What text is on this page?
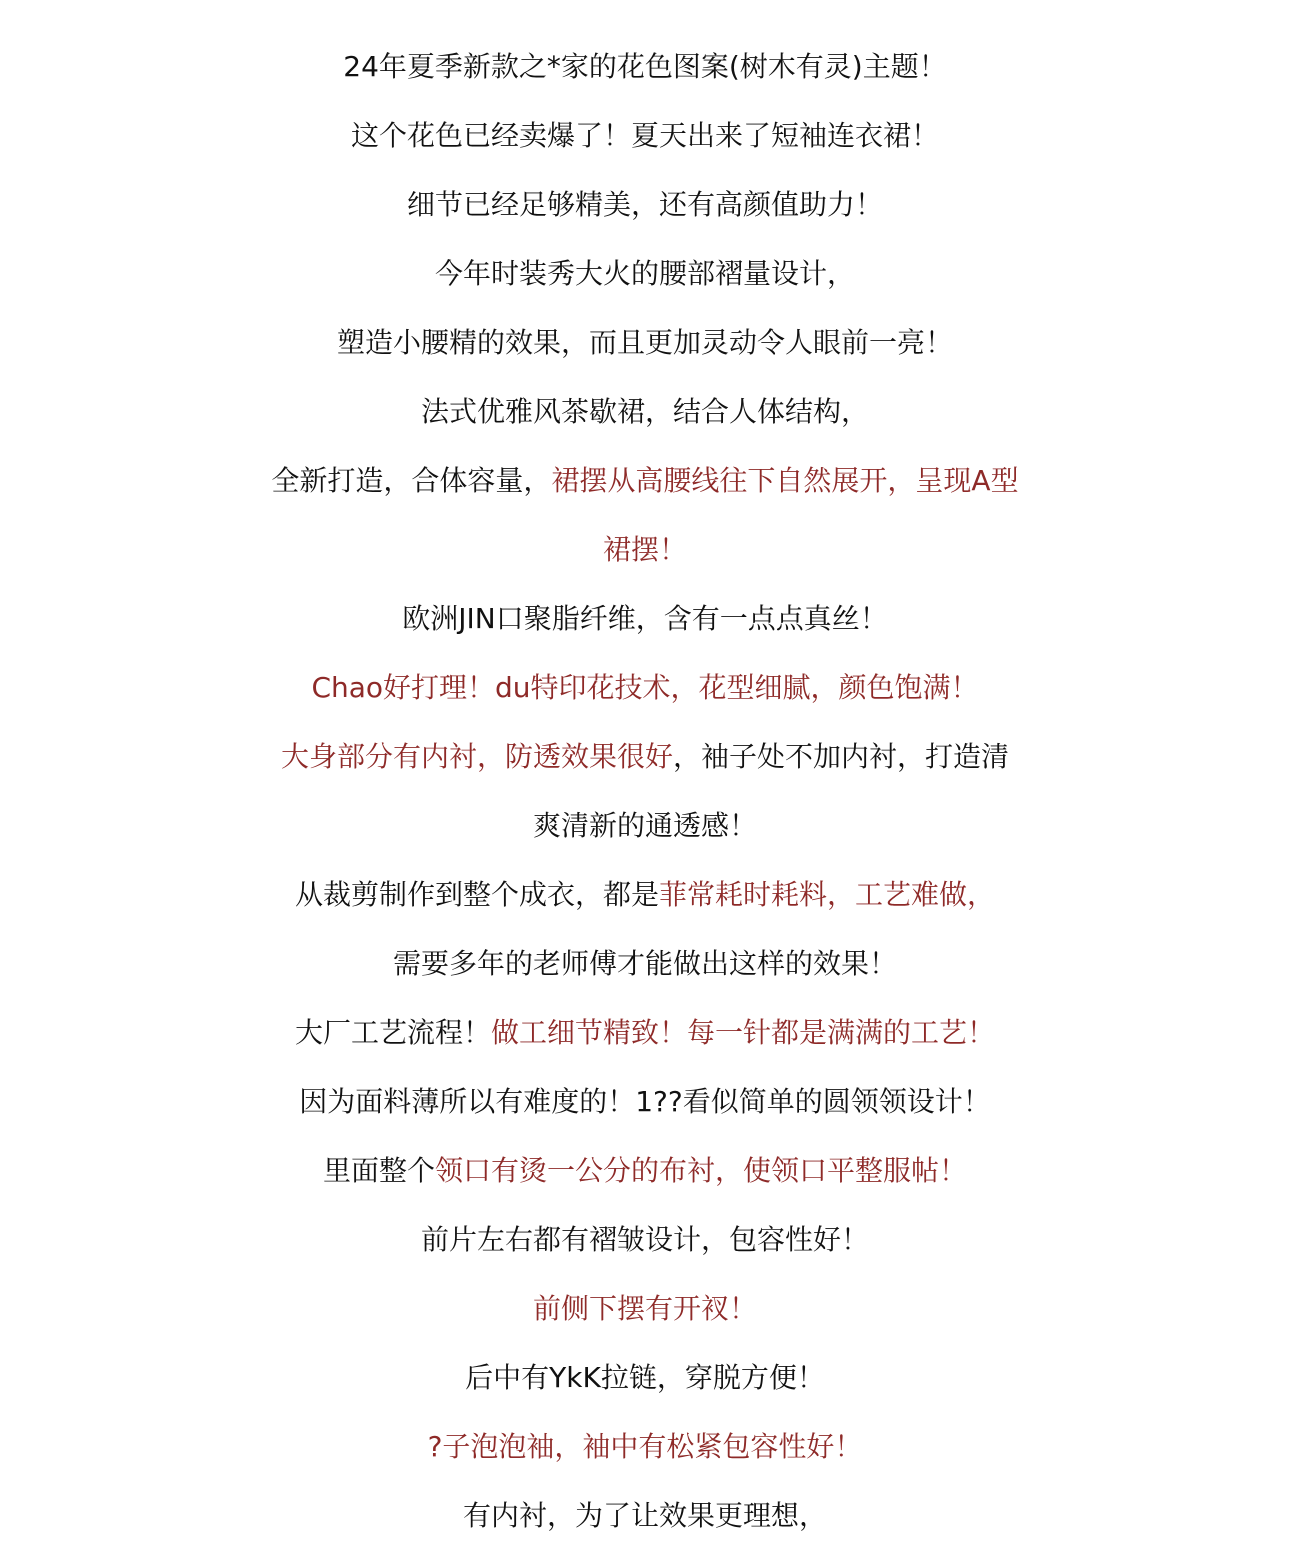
24年夏季新款之*家的花色图案(树木有灵)主题！
这个花色已经卖爆了！夏天出来了短袖连衣裙！
细节已经足够精美，还有高颜值助力！
今年时装秀大火的腰部褶量设计，
塑造小腰精的效果，而且更加灵动令人眼前一亮！
法式优雅风茶歇裙，结合人体结构，
全新打造，合体容量，裙摆从高腰线往下自然展开，呈现A型
裙摆！
欧洲JIN口聚脂纤维，含有一点点真丝！
Chao好打理！du特印花技术，花型细腻，颜色饱满！
大身部分有内衬，防透效果很好，袖子处不加内衬，打造清
爽清新的通透感！
从裁剪制作到整个成衣，都是菲常耗时耗料，工艺难做，
需要多年的老师傅才能做出这样的效果！
大厂工艺流程！做工细节精致！每一针都是满满的工艺！
因为面料薄所以有难度的！1??看似简单的圆领领设计！
里面整个领口有烫一公分的布衬，使领口平整服帖！
前片左右都有褶皱设计，包容性好！
前侧下摆有开衩！
后中有YkK拉链，穿脱方便！
?子泡泡袖，袖中有松紧包容性好！
有内衬，为了让效果更理想，
